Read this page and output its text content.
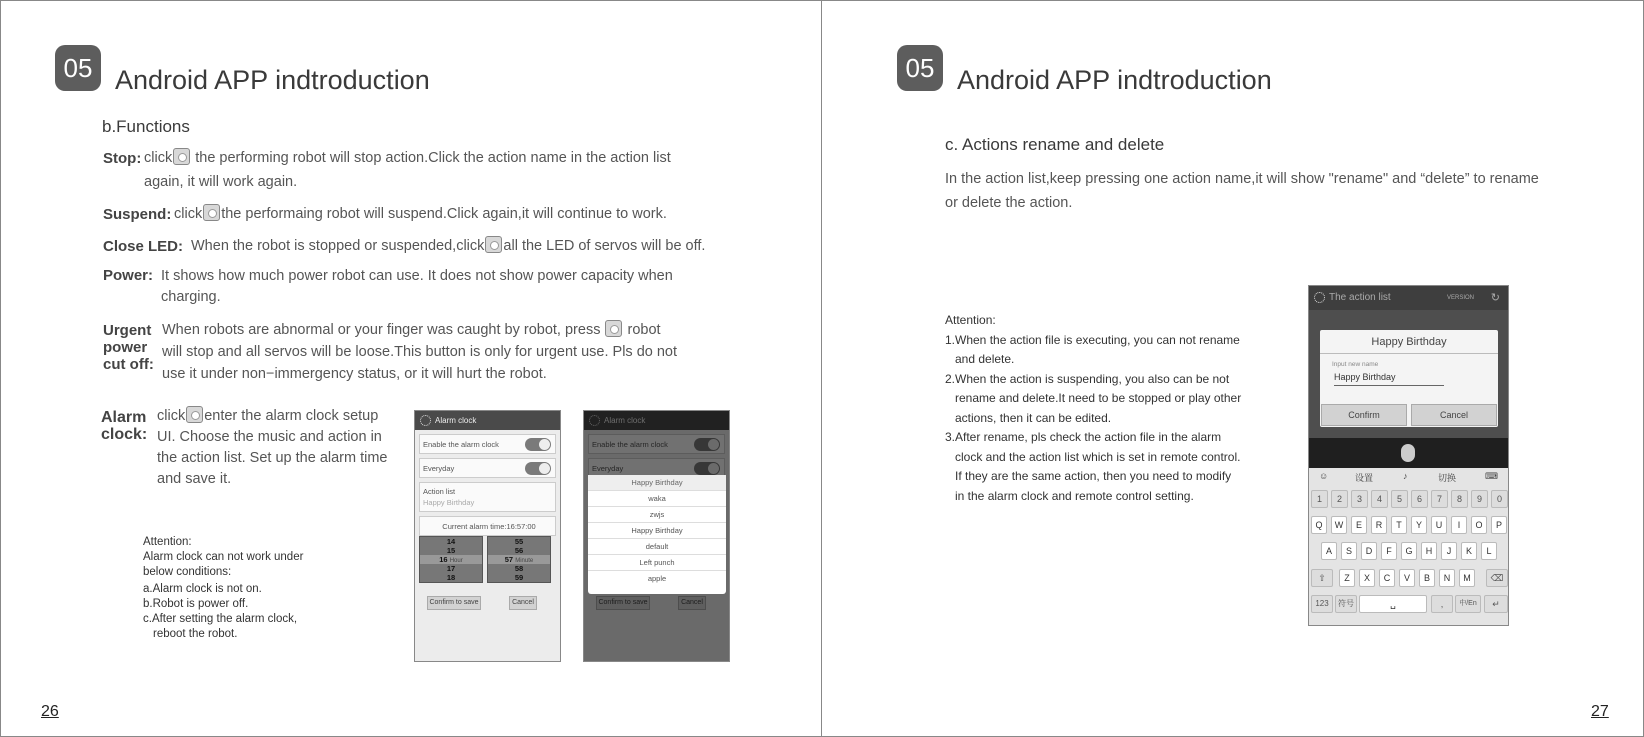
05 Android APP indtroduction
b.Functions
Stop: click the performing robot will stop action.Click the action name in the action list
again, it will work again.
Suspend: click the performaing robot will suspend.Click again,it will continue to work.
Close LED: When the robot is stopped or suspended,click all the LED of servos will be off.
Power: It shows how much power robot can use. It does not show power capacity when
charging.
Urgent
power
cut off:
When robots are abnormal or your finger was caught by robot, press robot
will stop and all servos will be loose.This button is only for urgent use. Pls do not
use it under non−immergency status, or it will hurt the robot.
Alarm
clock:
click enter the alarm clock setup
UI. Choose the music and action in
the action list. Set up the alarm time
and save it.
Attention:
Alarm clock can not work under
below conditions:
a.Alarm clock is not on.
b.Robot is power off.
c.After setting the alarm clock,
reboot the robot.
Alarm clock
Enable the alarm clock
Everyday
Action list
Happy Birthday
Current alarm time:16:57:00
14
15
16 Hour
17
18
55
56
57 Minute
58
59
Confirm to save	Cancel
Happy Birthday
waka
zwjs
Happy Birthday
default
Left punch
apple
26
05 Android APP indtroduction
c. Actions rename and delete
In the action list,keep pressing one action name,it will show "rename" and “delete” to rename
or delete the action.
Attention:
1.When the action file is executing, you can not rename
and delete.
2.When the action is suspending, you also can be not
rename and delete.It need to be stopped or play other
actions, then it can be edited.
3.After rename, pls check the action file in the alarm
clock and the action list which is set in remote control.
If they are the same action, then you need to modify
in the alarm clock and remote control setting.
The action list	VERSION ↻
Happy Birthday
Input new name
Happy Birthday
Confirm	Cancel
☺	设置	♪	切换	⌨
1	2	3	4	5	6	7	8	9	0
Q	W	E	R	T	Y	U	I	O	P
A	S	D	F	G	H	J	K	L
Z	X	C	V	B	N	M
⇧	⌫
123	符号	␣	,	中/En	↵
27
